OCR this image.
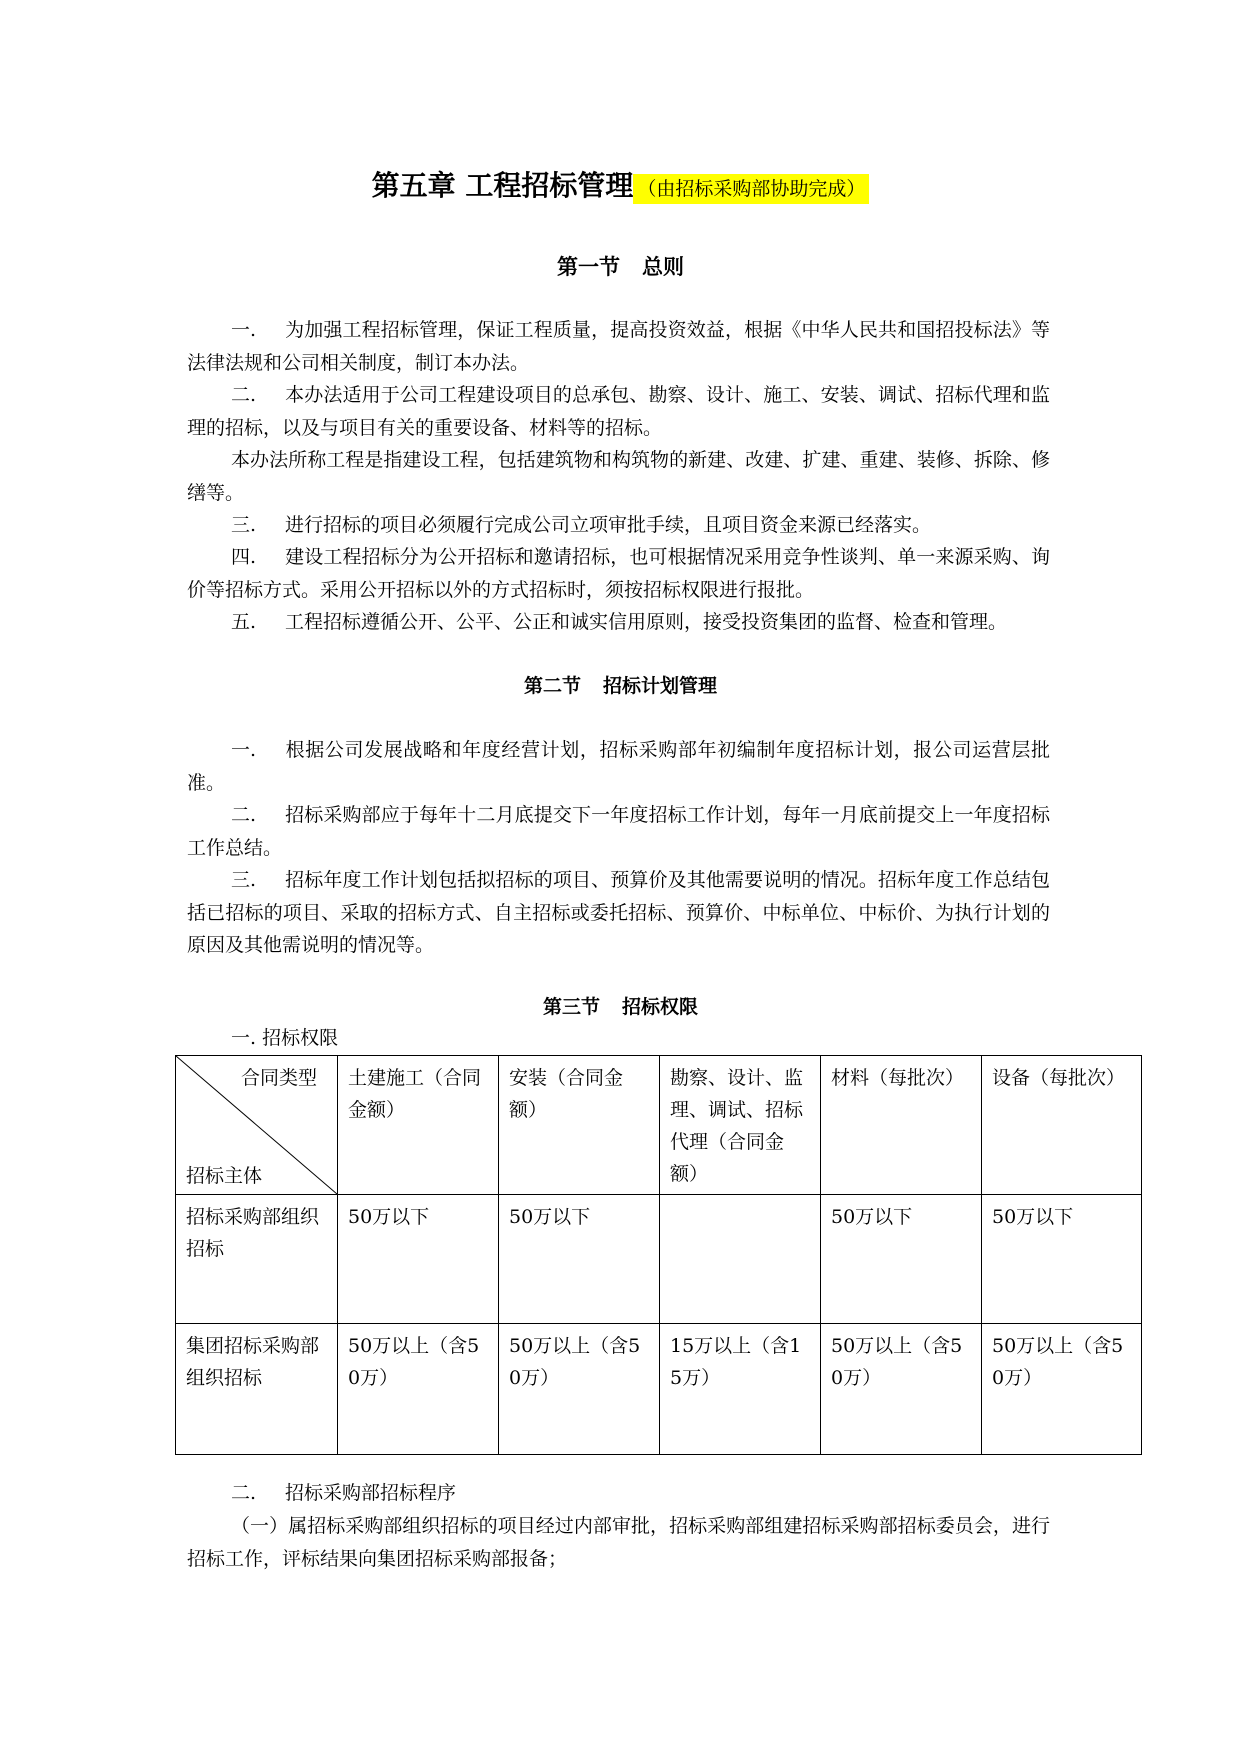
第五章 工程招标管理 （由招标采购部协助完成）
第一节 总则
一. 为加强工程招标管理，保证工程质量，提高投资效益，根据《中华人民共和国招投标法》等法律法规和公司相关制度，制订本办法。
二. 本办法适用于公司工程建设项目的总承包、勘察、设计、施工、安装、调试、招标代理和监理的招标，以及与项目有关的重要设备、材料等的招标。
本办法所称工程是指建设工程，包括建筑物和构筑物的新建、改建、扩建、重建、装修、拆除、修缮等。
三. 进行招标的项目必须履行完成公司立项审批手续，且项目资金来源已经落实。
四. 建设工程招标分为公开招标和邀请招标，也可根据情况采用竞争性谈判、单一来源采购、询价等招标方式。采用公开招标以外的方式招标时，须按招标权限进行报批。
五. 工程招标遵循公开、公平、公正和诚实信用原则，接受投资集团的监督、检查和管理。
第二节 招标计划管理
一. 根据公司发展战略和年度经营计划，招标采购部年初编制年度招标计划，报公司运营层批准。
二. 招标采购部应于每年十二月底提交下一年度招标工作计划，每年一月底前提交上一年度招标工作总结。
三. 招标年度工作计划包括拟招标的项目、预算价及其他需要说明的情况。招标年度工作总结包括已招标的项目、采取的招标方式、自主招标或委托招标、预算价、中标单位、中标价、为执行计划的原因及其他需说明的情况等。
第三节 招标权限
一. 招标权限
合同类型
招标主体	土建施工（合同金额）	安装（合同金额）	勘察、设计、监理、调试、招标代理（合同金额）	材料（每批次）	设备（每批次）
招标采购部组织招标	50万以下	50万以下		50万以下	50万以下
集团招标采购部组织招标	50万以上（含50万）	50万以上（含50万）	15万以上（含15万）	50万以上（含50万）	50万以上（含50万）
二. 招标采购部招标程序
（一）属招标采购部组织招标的项目经过内部审批，招标采购部组建招标采购部招标委员会，进行招标工作，评标结果向集团招标采购部报备；
